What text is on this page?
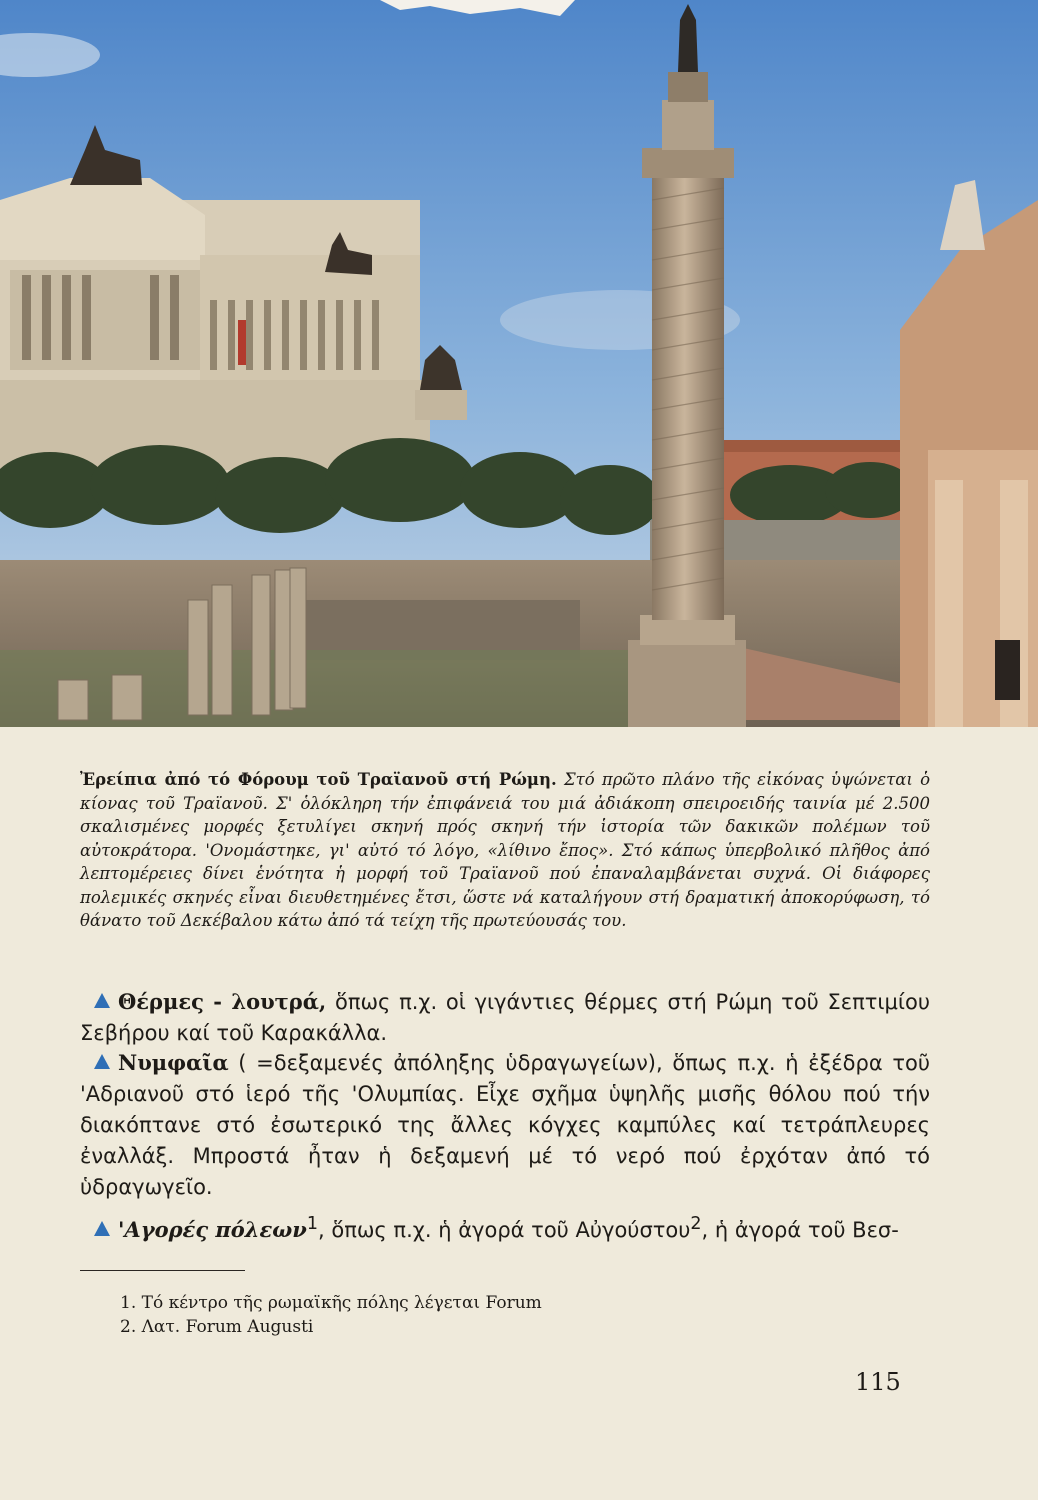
Ἐρείπια ἀπό τό Φόρουμ τοῦ Τραϊανοῦ στή Ρώμη. Στό πρῶτο πλάνο τῆς εἰκόνας ὑψώνεται ὁ κίονας τοῦ Τραϊανοῦ. Σ' ὁλόκληρη τήν ἐπιφάνειά του μιά ἀδιάκοπη σπειροειδής ταινία μέ 2.500 σκαλισμένες μορφές ξετυλίγει σκηνή πρός σκηνή τήν ἱστορία τῶν δακικῶν πολέμων τοῦ αὐτοκράτορα. 'Ονομάστηκε, γι' αὐτό τό λόγο, «λίθινο ἔπος». Στό κάπως ὑπερβολικό πλῆθος ἀπό λεπτομέρειες δίνει ἑνότητα ἡ μορφή τοῦ Τραϊανοῦ πού ἐπαναλαμβάνεται συχνά. Οἱ διάφορες πολεμικές σκηνές εἶναι διευθετημένες ἔτσι, ὥστε νά καταλήγουν στή δραματική ἀποκορύφωση, τό θάνατο τοῦ Δεκέβαλου κάτω ἀπό τά τείχη τῆς πρωτεύουσάς του.
Θέρμες - λουτρά, ὅπως π.χ. οἱ γιγάντιες θέρμες στή Ρώμη τοῦ Σεπτιμίου Σεβήρου καί τοῦ Καρακάλλα.
Νυμφαῖα ( =δεξαμενές ἀπόληξης ὑδραγωγείων), ὅπως π.χ. ἡ ἐξέδρα τοῦ 'Αδριανοῦ στό ἱερό τῆς 'Ολυμπίας. Εἶχε σχῆμα ὑψηλῆς μισῆς θόλου πού τήν διακόπτανε στό ἐσωτερικό της ἄλλες κόγχες καμπύλες καί τετράπλευρες ἐναλλάξ. Μπροστά ἦταν ἡ δεξαμενή μέ τό νερό πού ἐρχόταν ἀπό τό ὑδραγωγεῖο.
'Αγορές πόλεων$^1$, ὅπως π.χ. ἡ ἀγορά τοῦ Αὐγούστου$^2$, ἡ ἀγορά τοῦ Βεσ-
1. Τό κέντρο τῆς ρωμαϊκῆς πόλης λέγεται Forum
2. Λατ. Forum Augusti
115
